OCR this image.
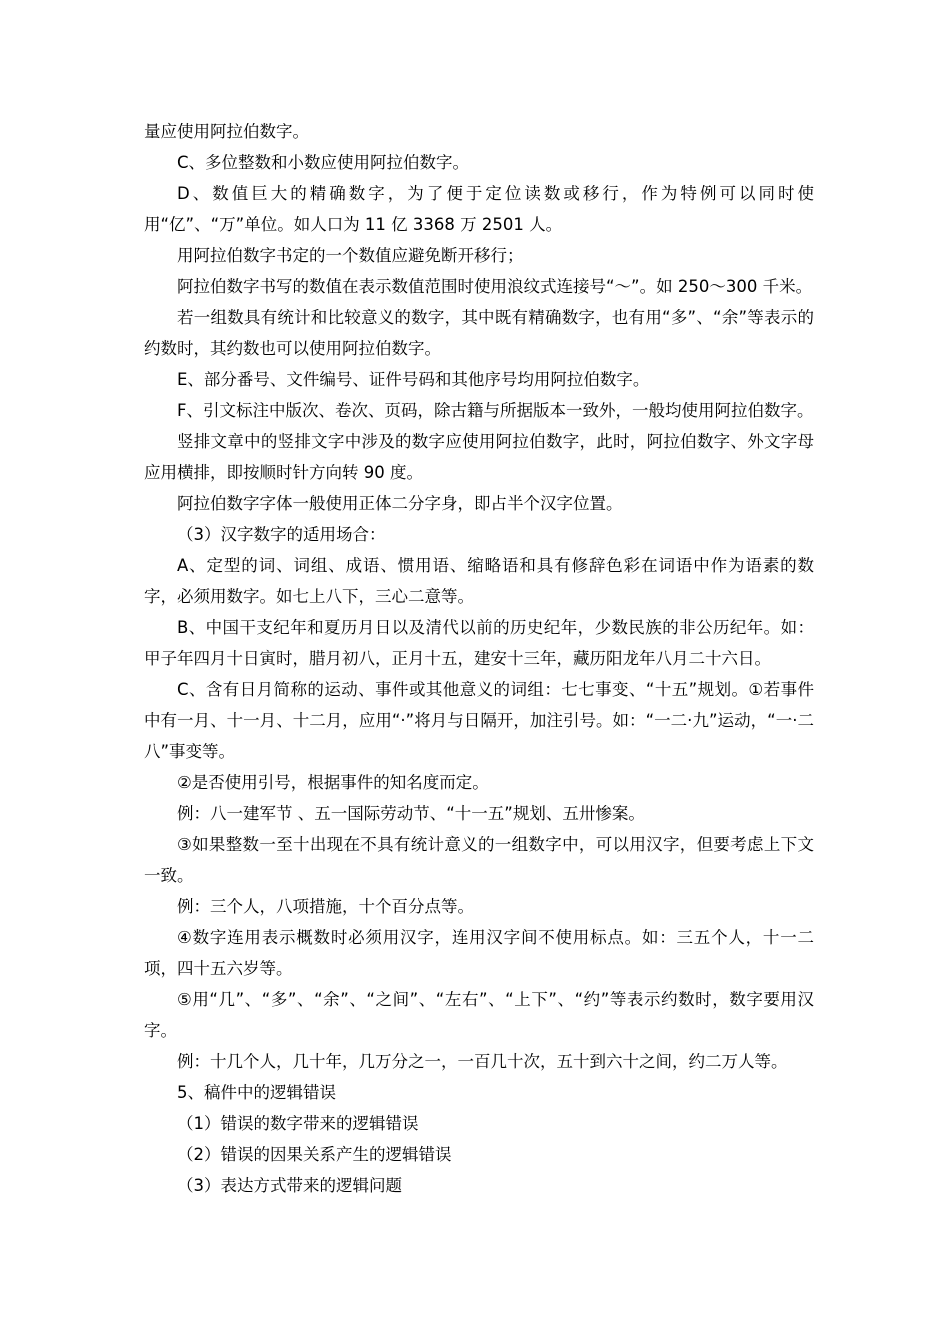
量应使用阿拉伯数字。

C、多位整数和小数应使用阿拉伯数字。

D、数值巨大的精确数字，为了便于定位读数或移行，作为特例可以同时使用“亿”、“万”单位。如人口为 11 亿 3368 万 2501 人。

用阿拉伯数字书定的一个数值应避免断开移行；

阿拉伯数字书写的数值在表示数值范围时使用浪纹式连接号“～”。如 250～300 千米。

若一组数具有统计和比较意义的数字，其中既有精确数字，也有用“多”、“余”等表示的约数时，其约数也可以使用阿拉伯数字。

E、部分番号、文件编号、证件号码和其他序号均用阿拉伯数字。

F、引文标注中版次、卷次、页码，除古籍与所据版本一致外，一般均使用阿拉伯数字。

竖排文章中的竖排文字中涉及的数字应使用阿拉伯数字，此时，阿拉伯数字、外文字母应用横排，即按顺时针方向转 90 度。

阿拉伯数字字体一般使用正体二分字身，即占半个汉字位置。

（3）汉字数字的适用场合：

A、定型的词、词组、成语、惯用语、缩略语和具有修辞色彩在词语中作为语素的数字，必须用数字。如七上八下，三心二意等。

B、中国干支纪年和夏历月日以及清代以前的历史纪年，少数民族的非公历纪年。如：甲子年四月十日寅时，腊月初八，正月十五，建安十三年，藏历阳龙年八月二十六日。

C、含有日月简称的运动、事件或其他意义的词组：七七事变、“十五”规划。①若事件中有一月、十一月、十二月，应用“·”将月与日隔开，加注引号。如：“一二·九”运动，“一·二八”事变等。

②是否使用引号，根据事件的知名度而定。

例：八一建军节 、五一国际劳动节、“十一五”规划、五卅惨案。

③如果整数一至十出现在不具有统计意义的一组数字中，可以用汉字，但要考虑上下文一致。

例：三个人，八项措施，十个百分点等。

④数字连用表示概数时必须用汉字，连用汉字间不使用标点。如：三五个人，十一二项，四十五六岁等。

⑤用“几”、“多”、“余”、“之间”、“左右”、“上下”、“约”等表示约数时，数字要用汉字。

例：十几个人，几十年，几万分之一，一百几十次，五十到六十之间，约二万人等。

5、稿件中的逻辑错误

（1）错误的数字带来的逻辑错误

（2）错误的因果关系产生的逻辑错误

（3）表达方式带来的逻辑问题
